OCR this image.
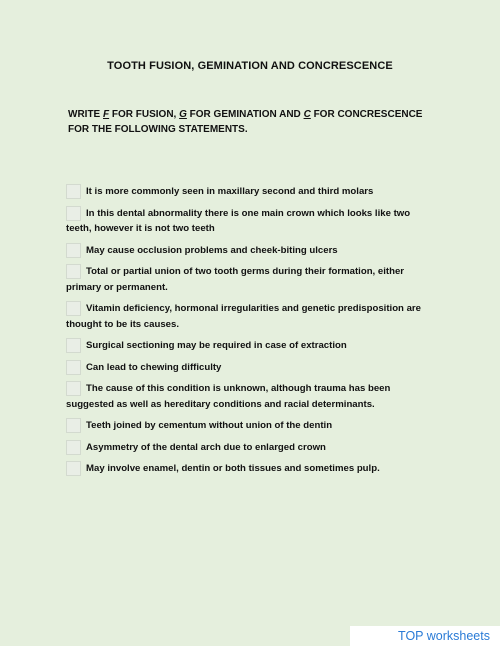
TOOTH FUSION, GEMINATION AND CONCRESCENCE
WRITE F FOR FUSION, G FOR GEMINATION AND C FOR CONCRESCENCE FOR THE FOLLOWING STATEMENTS.
It is more commonly seen in maxillary second and third molars
In this dental abnormality there is one main crown which looks like two teeth, however it is not two teeth
May cause occlusion problems and cheek-biting ulcers
Total or partial union of two tooth germs during their formation, either primary or permanent.
Vitamin deficiency, hormonal irregularities and genetic predisposition are thought to be its causes.
Surgical sectioning may be required in case of extraction
Can lead to chewing difficulty
The cause of this condition is unknown, although trauma has been suggested as well as hereditary conditions and racial determinants.
Teeth joined by cementum without union of the dentin
Asymmetry of the dental arch due to enlarged crown
May involve enamel, dentin or both tissues and sometimes pulp.
TOP worksheets
